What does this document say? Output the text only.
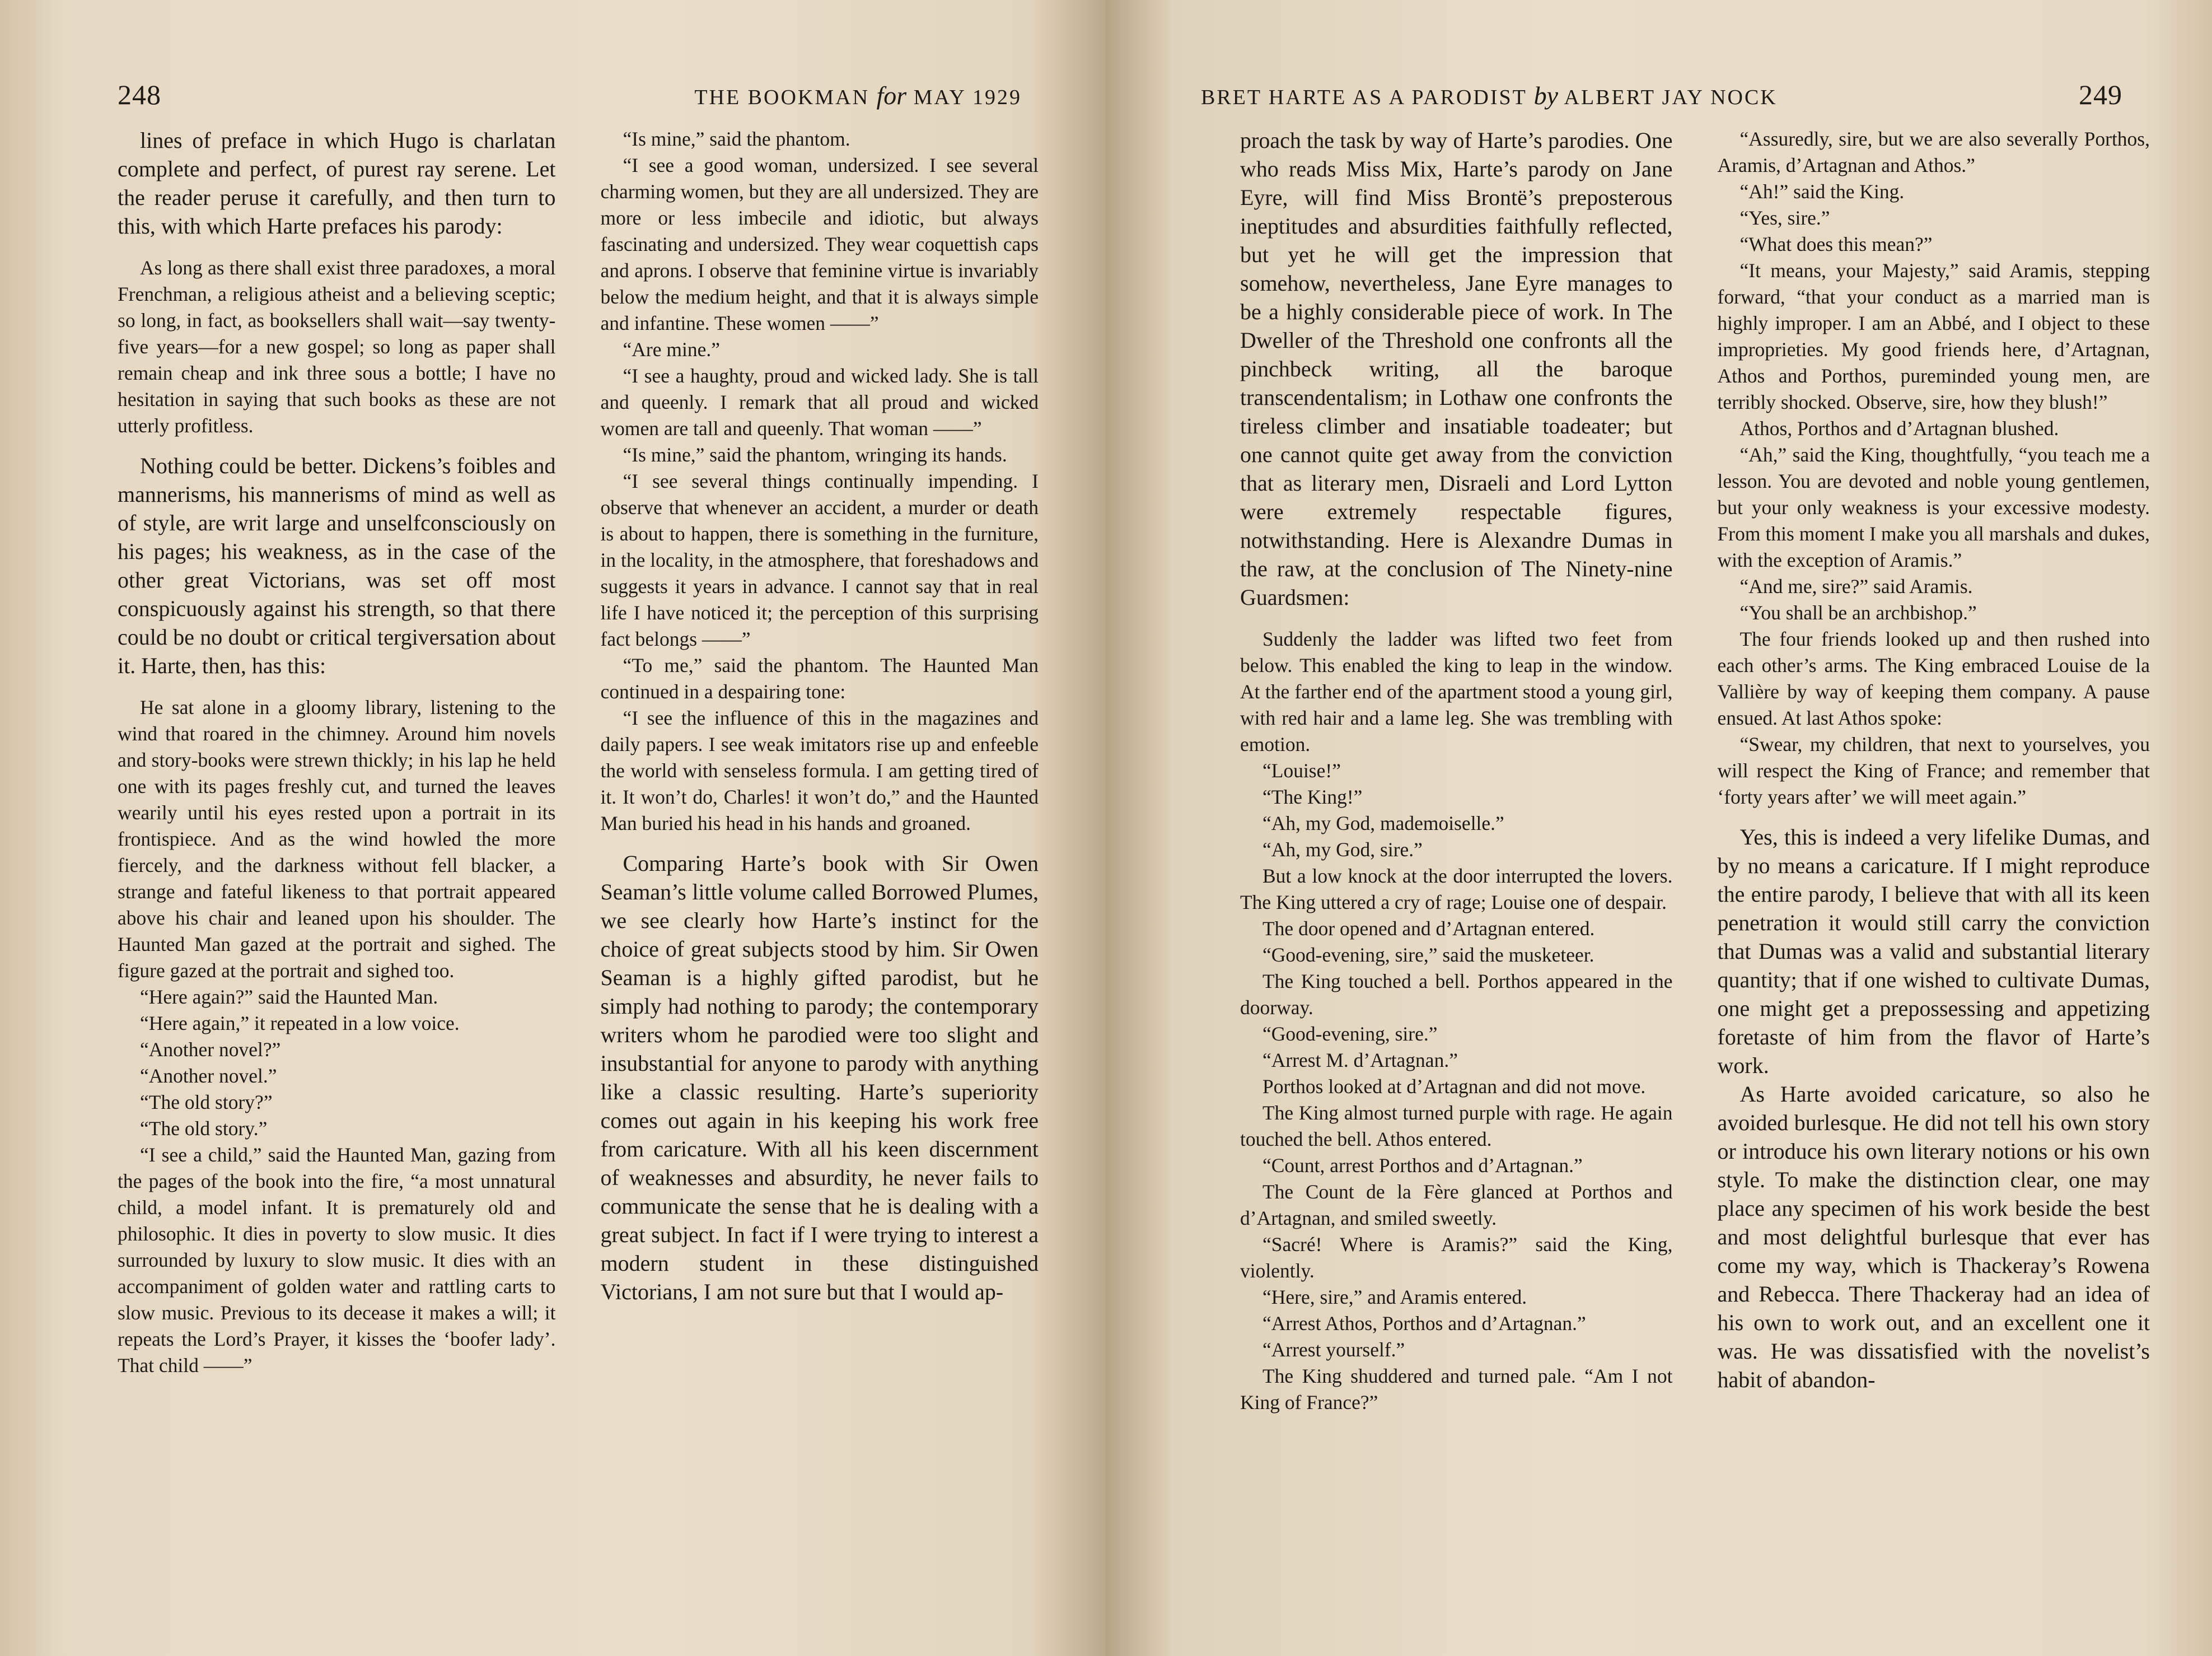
248	THE BOOKMAN for MAY 1929

lines of preface in which Hugo is charlatan complete and perfect, of purest ray serene. Let the reader peruse it carefully, and then turn to this, with which Harte prefaces his parody:

As long as there shall exist three paradoxes, a moral Frenchman, a religious atheist and a believing sceptic; so long, in fact, as booksellers shall wait—say twenty-five years—for a new gospel; so long as paper shall remain cheap and ink three sous a bottle; I have no hesitation in saying that such books as these are not utterly profitless.

Nothing could be better. Dickens’s foibles and mannerisms, his mannerisms of mind as well as of style, are writ large and unselfconsciously on his pages; his weakness, as in the case of the other great Victorians, was set off most conspicuously against his strength, so that there could be no doubt or critical tergiversation about it. Harte, then, has this:

He sat alone in a gloomy library, listening to the wind that roared in the chimney. Around him novels and story-books were strewn thickly; in his lap he held one with its pages freshly cut, and turned the leaves wearily until his eyes rested upon a portrait in its frontispiece. And as the wind howled the more fiercely, and the darkness without fell blacker, a strange and fateful likeness to that portrait appeared above his chair and leaned upon his shoulder. The Haunted Man gazed at the portrait and sighed. The figure gazed at the portrait and sighed too.

“Here again?” said the Haunted Man.

“Here again,” it repeated in a low voice.

“Another novel?”

“Another novel.”

“The old story?”

“The old story.”

“I see a child,” said the Haunted Man, gazing from the pages of the book into the fire, “a most unnatural child, a model infant. It is prematurely old and philosophic. It dies in poverty to slow music. It dies surrounded by luxury to slow music. It dies with an accompaniment of golden water and rattling carts to slow music. Previous to its decease it makes a will; it repeats the Lord’s Prayer, it kisses the ‘boofer lady’. That child ——”

“Is mine,” said the phantom.

“I see a good woman, undersized. I see several charming women, but they are all undersized. They are more or less imbecile and idiotic, but always fascinating and undersized. They wear coquettish caps and aprons. I observe that feminine virtue is invariably below the medium height, and that it is always simple and infantine. These women ——”

“Are mine.”

“I see a haughty, proud and wicked lady. She is tall and queenly. I remark that all proud and wicked women are tall and queenly. That woman ——”

“Is mine,” said the phantom, wringing its hands.

“I see several things continually impending. I observe that whenever an accident, a murder or death is about to happen, there is something in the furniture, in the locality, in the atmosphere, that foreshadows and suggests it years in advance. I cannot say that in real life I have noticed it; the perception of this surprising fact belongs ——”

“To me,” said the phantom. The Haunted Man continued in a despairing tone:

“I see the influence of this in the magazines and daily papers. I see weak imitators rise up and enfeeble the world with senseless formula. I am getting tired of it. It won’t do, Charles! it won’t do,” and the Haunted Man buried his head in his hands and groaned.

Comparing Harte’s book with Sir Owen Seaman’s little volume called Borrowed Plumes, we see clearly how Harte’s instinct for the choice of great subjects stood by him. Sir Owen Seaman is a highly gifted parodist, but he simply had nothing to parody; the contemporary writers whom he parodied were too slight and insubstantial for anyone to parody with anything like a classic resulting. Harte’s superiority comes out again in his keeping his work free from caricature. With all his keen discernment of weaknesses and absurdity, he never fails to communicate the sense that he is dealing with a great subject. In fact if I were trying to interest a modern student in these distinguished Victorians, I am not sure but that I would ap-

BRET HARTE AS A PARODIST by ALBERT JAY NOCK	249

proach the task by way of Harte’s parodies. One who reads Miss Mix, Harte’s parody on Jane Eyre, will find Miss Brontë’s preposterous ineptitudes and absurdities faithfully reflected, but yet he will get the impression that somehow, nevertheless, Jane Eyre manages to be a highly considerable piece of work. In The Dweller of the Threshold one confronts all the pinchbeck writing, all the baroque transcendentalism; in Lothaw one confronts the tireless climber and insatiable toadeater; but one cannot quite get away from the conviction that as literary men, Disraeli and Lord Lytton were extremely respectable figures, notwithstanding. Here is Alexandre Dumas in the raw, at the conclusion of The Ninety-nine Guardsmen:

Suddenly the ladder was lifted two feet from below. This enabled the king to leap in the window. At the farther end of the apartment stood a young girl, with red hair and a lame leg. She was trembling with emotion.

“Louise!”

“The King!”

“Ah, my God, mademoiselle.”

“Ah, my God, sire.”

But a low knock at the door interrupted the lovers. The King uttered a cry of rage; Louise one of despair.

The door opened and d’Artagnan entered.

“Good-evening, sire,” said the musketeer.

The King touched a bell. Porthos appeared in the doorway.

“Good-evening, sire.”

“Arrest M. d’Artagnan.”

Porthos looked at d’Artagnan and did not move.

The King almost turned purple with rage. He again touched the bell. Athos entered.

“Count, arrest Porthos and d’Artagnan.”

The Count de la Fère glanced at Porthos and d’Artagnan, and smiled sweetly.

“Sacré! Where is Aramis?” said the King, violently.

“Here, sire,” and Aramis entered.

“Arrest Athos, Porthos and d’Artagnan.”

“Arrest yourself.”

The King shuddered and turned pale. “Am I not King of France?”

“Assuredly, sire, but we are also severally Porthos, Aramis, d’Artagnan and Athos.”

“Ah!” said the King.

“Yes, sire.”

“What does this mean?”

“It means, your Majesty,” said Aramis, stepping forward, “that your conduct as a married man is highly improper. I am an Abbé, and I object to these improprieties. My good friends here, d’Artagnan, Athos and Porthos, pureminded young men, are terribly shocked. Observe, sire, how they blush!”

Athos, Porthos and d’Artagnan blushed.

“Ah,” said the King, thoughtfully, “you teach me a lesson. You are devoted and noble young gentlemen, but your only weakness is your excessive modesty. From this moment I make you all marshals and dukes, with the exception of Aramis.”

“And me, sire?” said Aramis.

“You shall be an archbishop.”

The four friends looked up and then rushed into each other’s arms. The King embraced Louise de la Vallière by way of keeping them company. A pause ensued. At last Athos spoke:

“Swear, my children, that next to yourselves, you will respect the King of France; and remember that ‘forty years after’ we will meet again.”

Yes, this is indeed a very lifelike Dumas, and by no means a caricature. If I might reproduce the entire parody, I believe that with all its keen penetration it would still carry the conviction that Dumas was a valid and substantial literary quantity; that if one wished to cultivate Dumas, one might get a prepossessing and appetizing foretaste of him from the flavor of Harte’s work.

As Harte avoided caricature, so also he avoided burlesque. He did not tell his own story or introduce his own literary notions or his own style. To make the distinction clear, one may place any specimen of his work beside the best and most delightful burlesque that ever has come my way, which is Thackeray’s Rowena and Rebecca. There Thackeray had an idea of his own to work out, and an excellent one it was. He was dissatisfied with the novelist’s habit of abandon-
